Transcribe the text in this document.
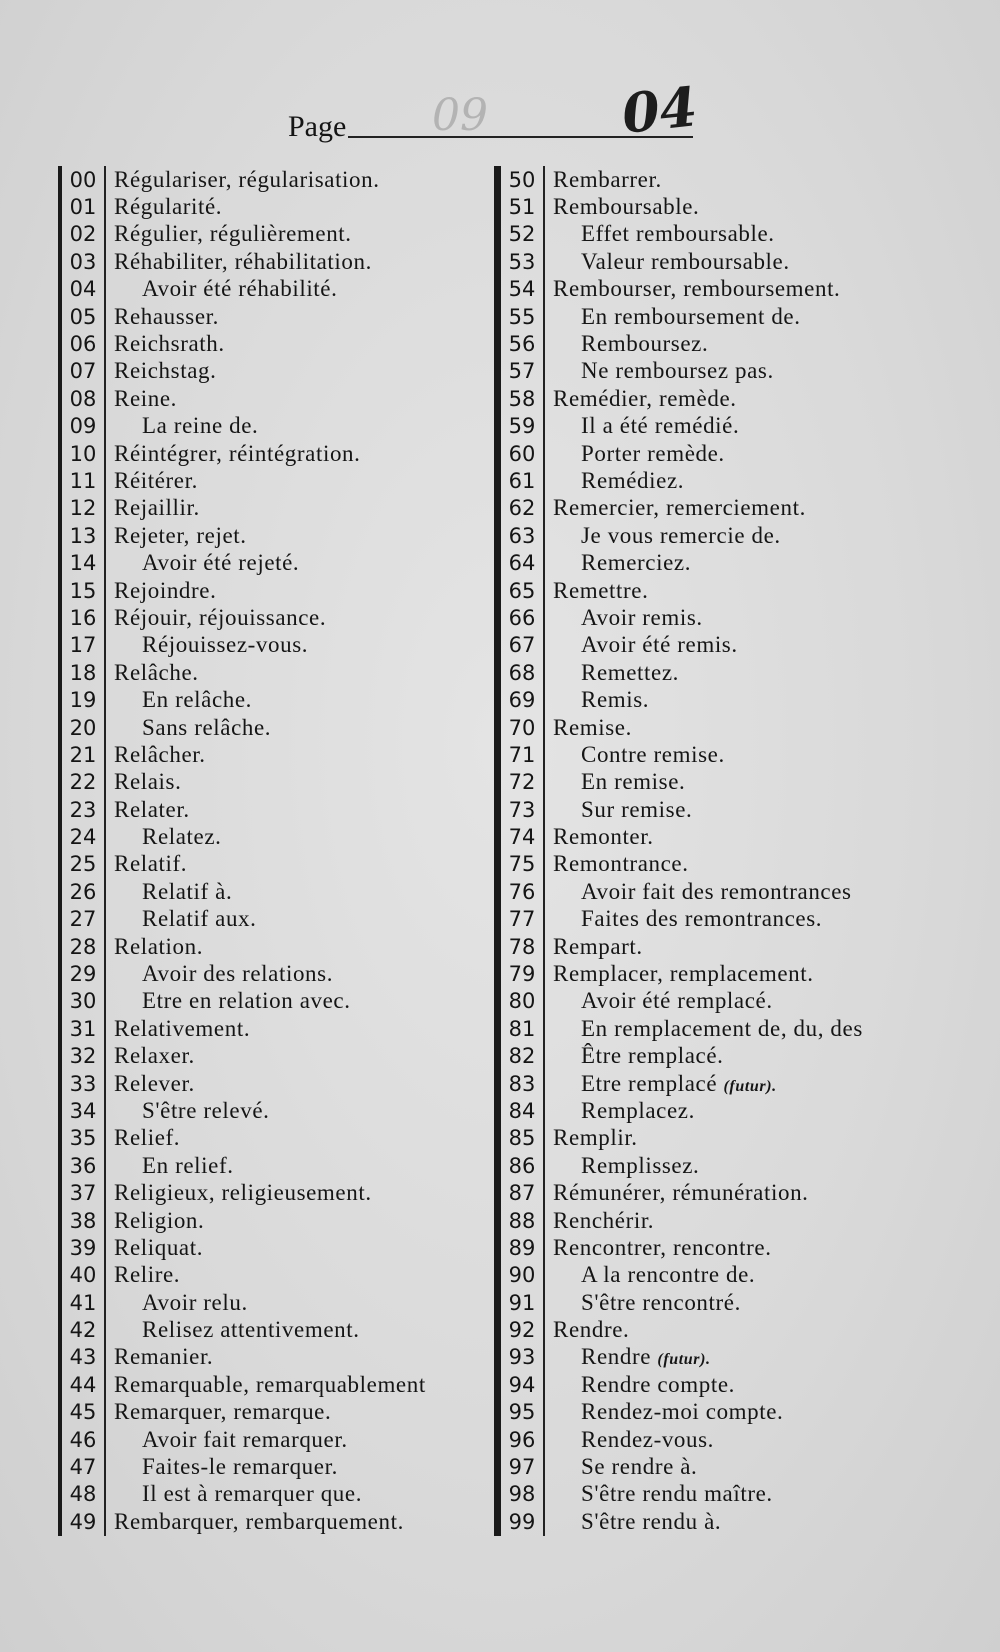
Page 09 04
00 Régulariser, régularisation.
01 Régularité.
02 Régulier, régulièrement.
03 Réhabiliter, réhabilitation.
04	Avoir été réhabilité.
05 Rehausser.
06 Reichsrath.
07 Reichstag.
08 Reine.
09	La reine de.
10 Réintégrer, réintégration.
11 Réitérer.
12 Rejaillir.
13 Rejeter, rejet.
14	Avoir été rejeté.
15 Rejoindre.
16 Réjouir, réjouissance.
17	Réjouissez-vous.
18 Relâche.
19	En relâche.
20	Sans relâche.
21 Relâcher.
22 Relais.
23 Relater.
24	Relatez.
25 Relatif.
26	Relatif à.
27	Relatif aux.
28 Relation.
29	Avoir des relations.
30	Etre en relation avec.
31 Relativement.
32 Relaxer.
33 Relever.
34	S'être relevé.
35 Relief.
36	En relief.
37 Religieux, religieusement.
38 Religion.
39 Reliquat.
40 Relire.
41	Avoir relu.
42	Relisez attentivement.
43 Remanier.
44 Remarquable, remarquablement
45 Remarquer, remarque.
46	Avoir fait remarquer.
47	Faites-le remarquer.
48	Il est à remarquer que.
49 Rembarquer, rembarquement.
50 Rembarrer.
51 Remboursable.
52	Effet remboursable.
53	Valeur remboursable.
54 Rembourser, remboursement.
55	En remboursement de.
56	Remboursez.
57	Ne remboursez pas.
58 Remédier, remède.
59	Il a été remédié.
60	Porter remède.
61	Remédiez.
62 Remercier, remerciement.
63	Je vous remercie de.
64	Remerciez.
65 Remettre.
66	Avoir remis.
67	Avoir été remis.
68	Remettez.
69	Remis.
70 Remise.
71	Contre remise.
72	En remise.
73	Sur remise.
74 Remonter.
75 Remontrance.
76	Avoir fait des remontrances
77	Faites des remontrances.
78 Rempart.
79 Remplacer, remplacement.
80	Avoir été remplacé.
81	En remplacement de, du, des
82	Être remplacé.
83	Etre remplacé (futur).
84	Remplacez.
85 Remplir.
86	Remplissez.
87 Rémunérer, rémunération.
88 Renchérir.
89 Rencontrer, rencontre.
90	A la rencontre de.
91	S'être rencontré.
92 Rendre.
93	Rendre (futur).
94	Rendre compte.
95	Rendez-moi compte.
96	Rendez-vous.
97	Se rendre à.
98	S'être rendu maître.
99	S'être rendu à.
